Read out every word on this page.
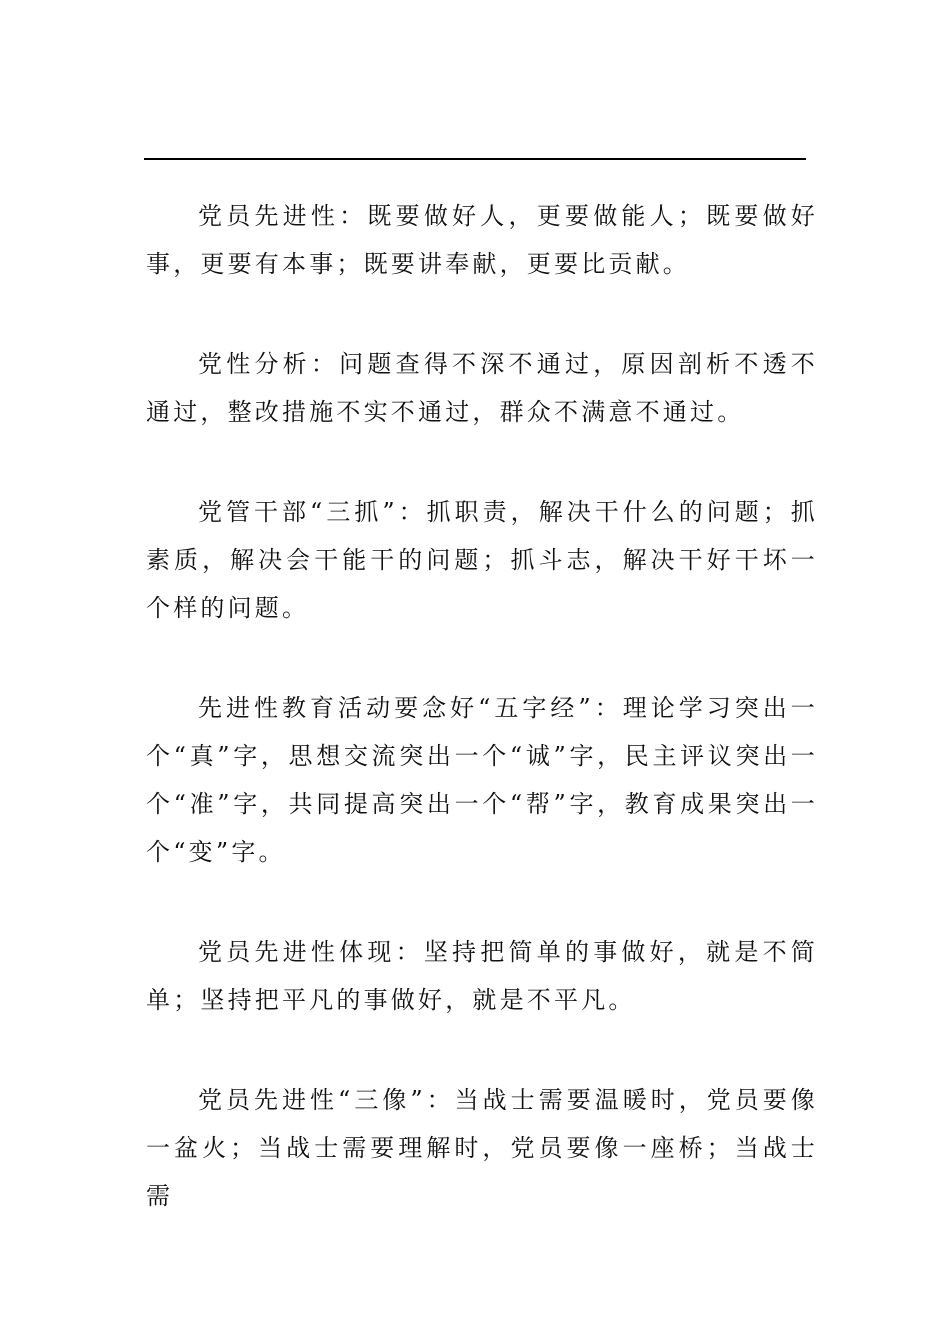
党员先进性：既要做好人，更要做能人；既要做好事，更要有本事；既要讲奉献，更要比贡献。

党性分析：问题查得不深不通过，原因剖析不透不通过，整改措施不实不通过，群众不满意不通过。

党管干部“三抓”：抓职责，解决干什么的问题；抓素质，解决会干能干的问题；抓斗志，解决干好干坏一个样的问题。

先进性教育活动要念好“五字经”：理论学习突出一个“真”字，思想交流突出一个“诚”字，民主评议突出一个“准”字，共同提高突出一个“帮”字，教育成果突出一个“变”字。

党员先进性体现：坚持把简单的事做好，就是不简单；坚持把平凡的事做好，就是不平凡。

党员先进性“三像”：当战士需要温暖时，党员要像一盆火；当战士需要理解时，党员要像一座桥；当战士需
